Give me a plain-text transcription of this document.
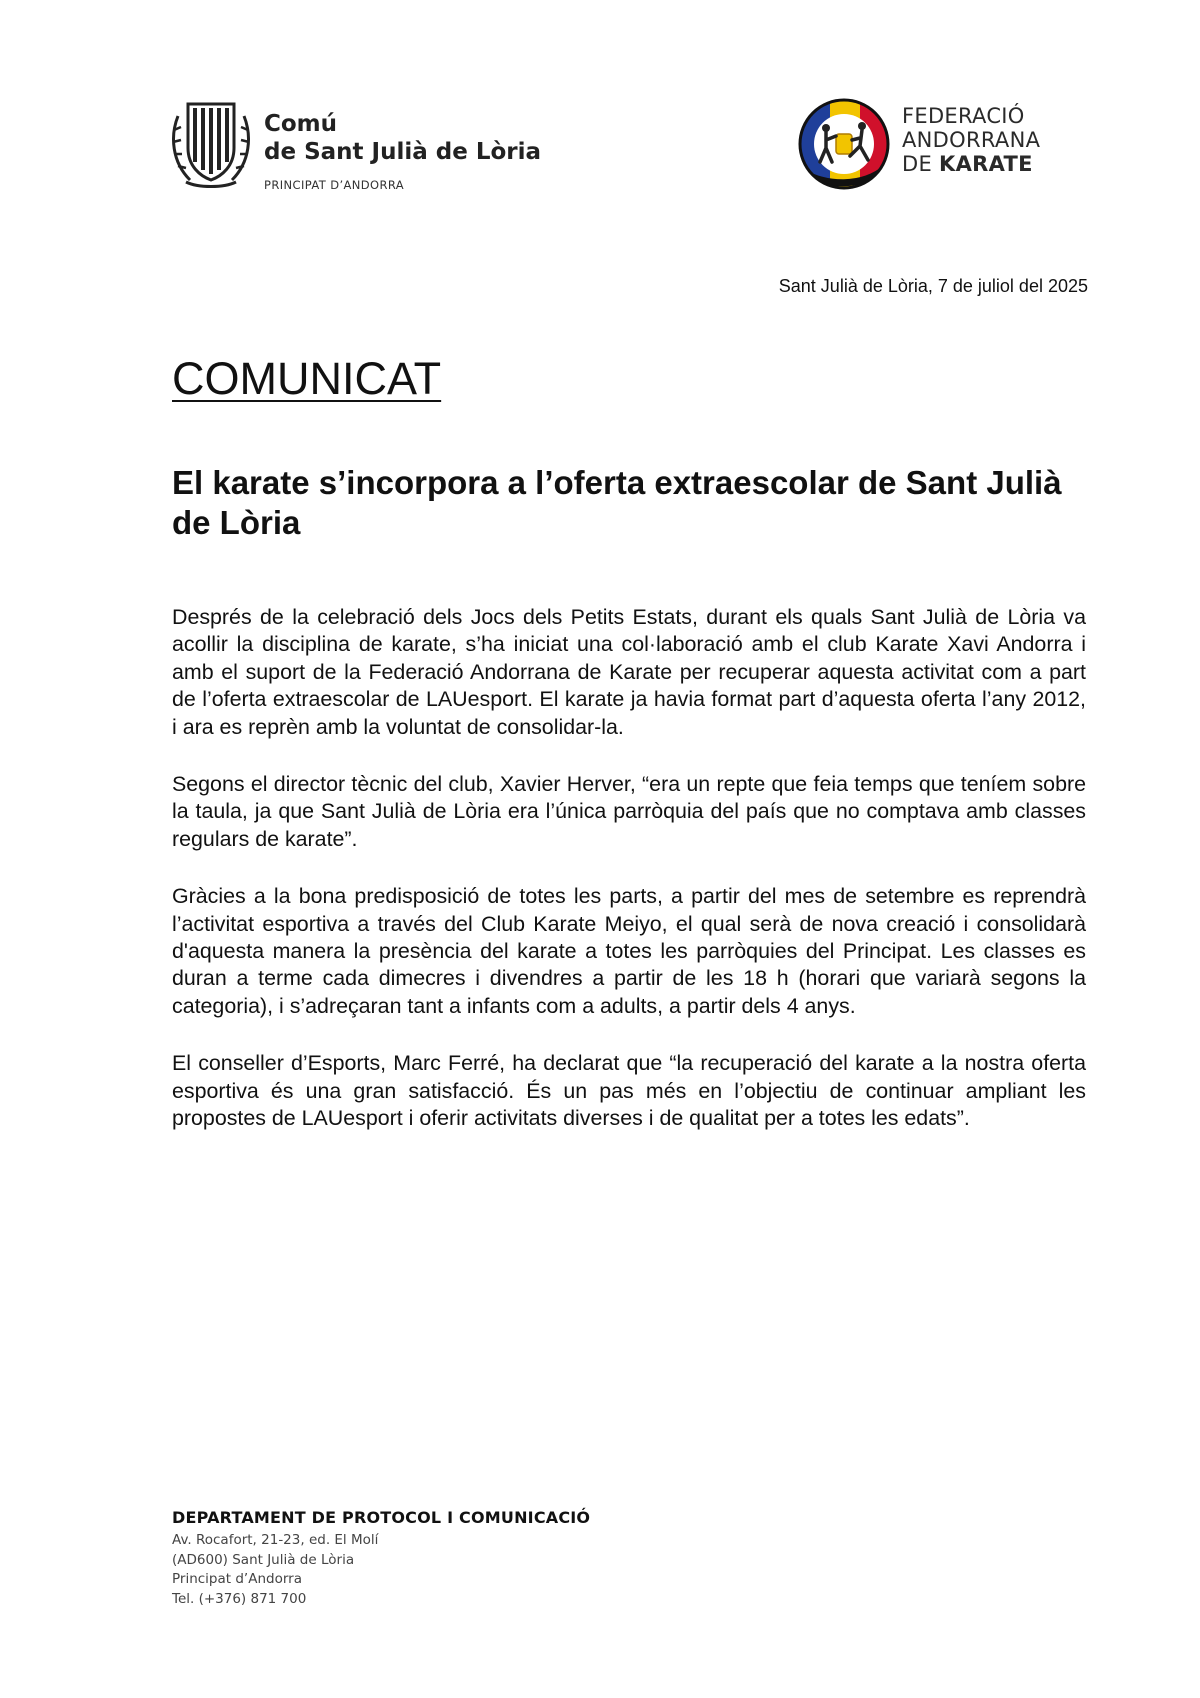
Comú
de Sant Julià de Lòria
PRINCIPAT D’ANDORRA
FEDERACIÓ
ANDORRANA
DE KARATE
Sant Julià de Lòria, 7 de juliol del 2025
COMUNICAT
El karate s’incorpora a l’oferta extraescolar de Sant Julià de Lòria

Després de la celebració dels Jocs dels Petits Estats, durant els quals Sant Julià de Lòria va acollir la disciplina de karate, s’ha iniciat una col·laboració amb el club Karate Xavi Andorra i amb el suport de la Federació Andorrana de Karate per recuperar aquesta activitat com a part de l’oferta extraescolar de LAUesport. El karate ja havia format part d’aquesta oferta l’any 2012, i ara es reprèn amb la voluntat de consolidar-la.

Segons el director tècnic del club, Xavier Herver, “era un repte que feia temps que teníem sobre la taula, ja que Sant Julià de Lòria era l’única parròquia del país que no comptava amb classes regulars de karate”.

Gràcies a la bona predisposició de totes les parts, a partir del mes de setembre es reprendrà l’activitat esportiva a través del Club Karate Meiyo, el qual serà de nova creació i consolidarà d'aquesta manera la presència del karate a totes les parròquies del Principat. Les classes es duran a terme cada dimecres i divendres a partir de les 18 h (horari que variarà segons la categoria), i s’adreçaran tant a infants com a adults, a partir dels 4 anys.

El conseller d’Esports, Marc Ferré, ha declarat que “la recuperació del karate a la nostra oferta esportiva és una gran satisfacció. És un pas més en l’objectiu de continuar ampliant les propostes de LAUesport i oferir activitats diverses i de qualitat per a totes les edats”.

DEPARTAMENT DE PROTOCOL I COMUNICACIÓ
Av. Rocafort, 21-23, ed. El Molí
(AD600) Sant Julià de Lòria
Principat d’Andorra
Tel. (+376) 871 700
